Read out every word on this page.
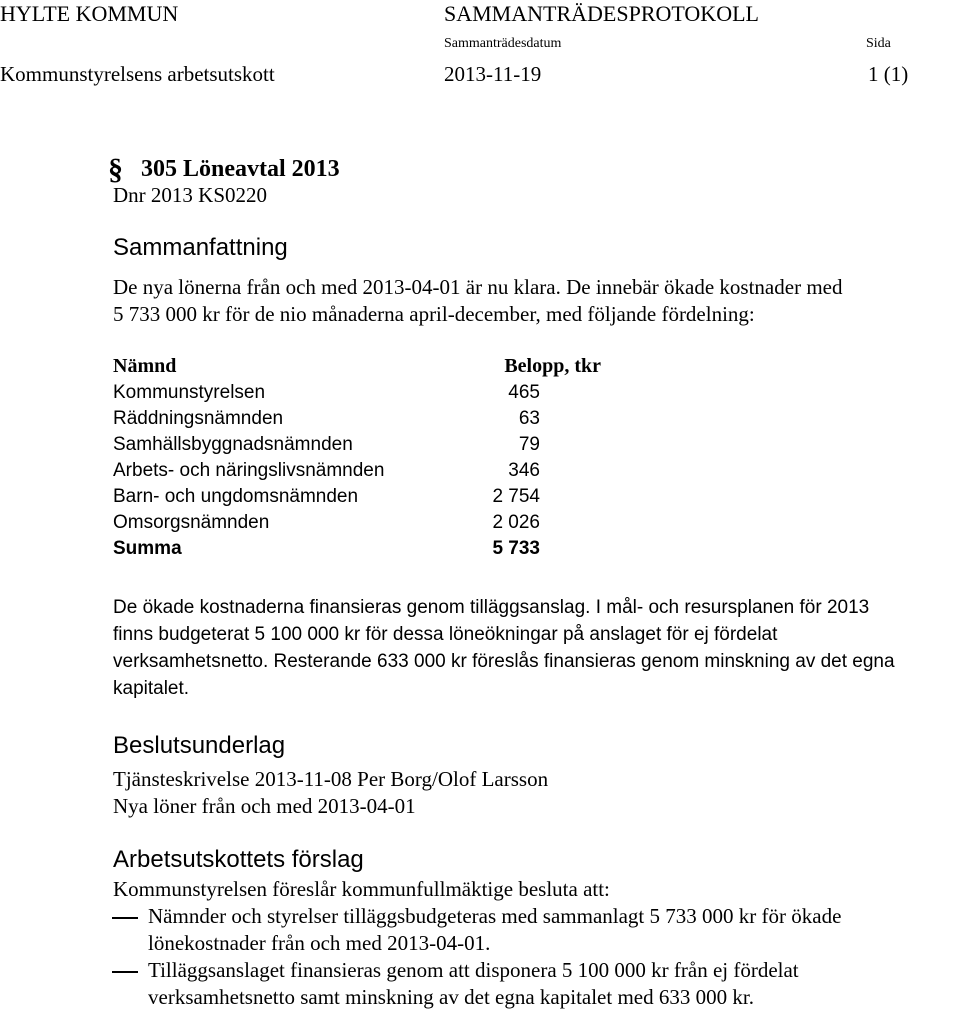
HYLTE KOMMUN	SAMMANTRÄDESPROTOKOLL
Sammanträdesdatum	Sida
Kommunstyrelsens arbetsutskott	2013-11-19	1 (1)
§ 305 Löneavtal 2013
Dnr 2013 KS0220
Sammanfattning
De nya lönerna från och med 2013-04-01 är nu klara. De innebär ökade kostnader med
5 733 000 kr för de nio månaderna april-december, med följande fördelning:
Nämnd	Belopp, tkr
Kommunstyrelsen	465
Räddningsnämnden	63
Samhällsbyggnadsnämnden	79
Arbets- och näringslivsnämnden	346
Barn- och ungdomsnämnden	2 754
Omsorgsnämnden	2 026
Summa	5 733
De ökade kostnaderna finansieras genom tilläggsanslag. I mål- och resursplanen för 2013
finns budgeterat 5 100 000 kr för dessa löneökningar på anslaget för ej fördelat
verksamhetsnetto. Resterande 633 000 kr föreslås finansieras genom minskning av det egna
kapitalet.
Beslutsunderlag
Tjänsteskrivelse 2013-11-08 Per Borg/Olof Larsson
Nya löner från och med 2013-04-01
Arbetsutskottets förslag
Kommunstyrelsen föreslår kommunfullmäktige besluta att:
Nämnder och styrelser tilläggsbudgeteras med sammanlagt 5 733 000 kr för ökade
lönekostnader från och med 2013-04-01.
Tilläggsanslaget finansieras genom att disponera 5 100 000 kr från ej fördelat
verksamhetsnetto samt minskning av det egna kapitalet med 633 000 kr.
